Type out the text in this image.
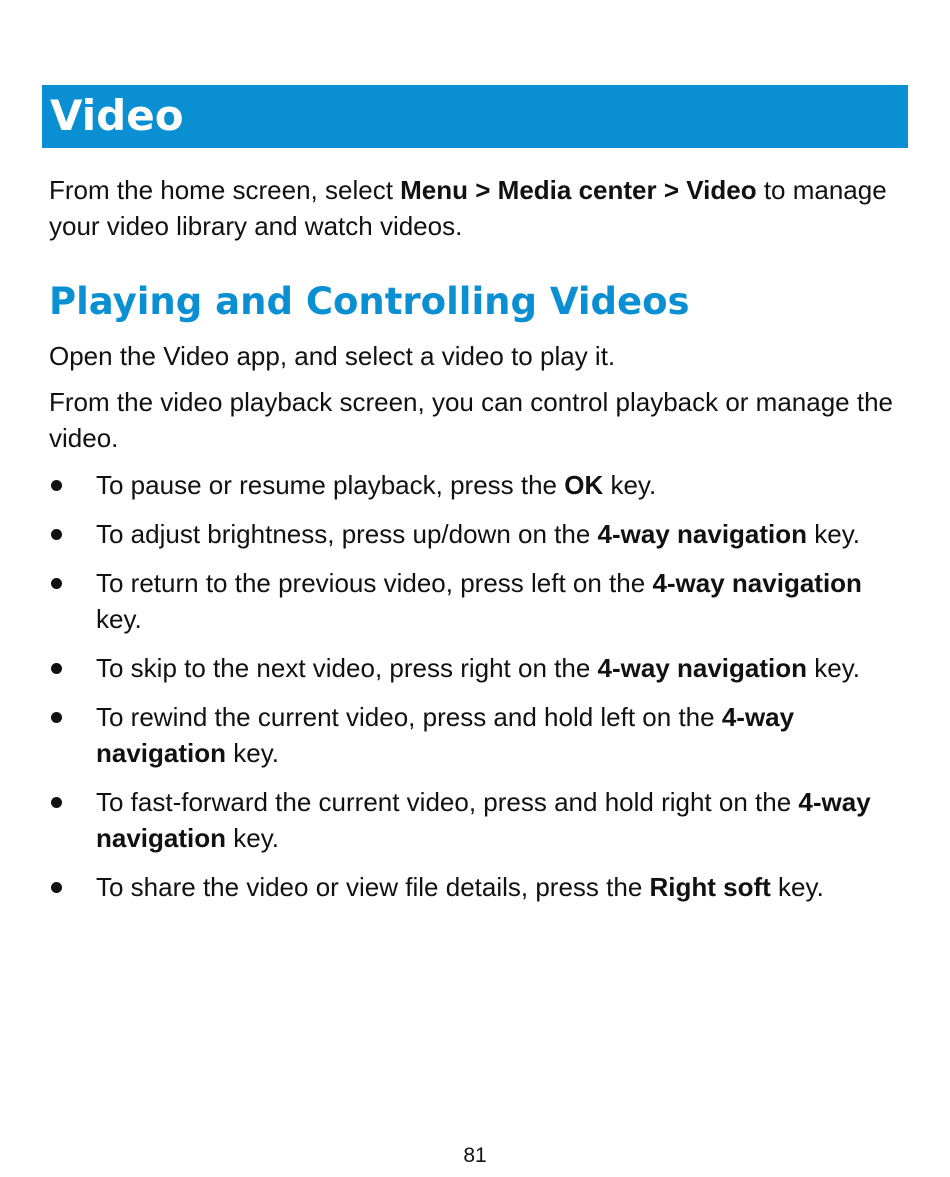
Video
From the home screen, select Menu > Media center > Video to manage your video library and watch videos.
Playing and Controlling Videos
Open the Video app, and select a video to play it.
From the video playback screen, you can control playback or manage the video.
To pause or resume playback, press the OK key.
To adjust brightness, press up/down on the 4-way navigation key.
To return to the previous video, press left on the 4-way navigation key.
To skip to the next video, press right on the 4-way navigation key.
To rewind the current video, press and hold left on the 4-way navigation key.
To fast-forward the current video, press and hold right on the 4-way navigation key.
To share the video or view file details, press the Right soft key.
81
